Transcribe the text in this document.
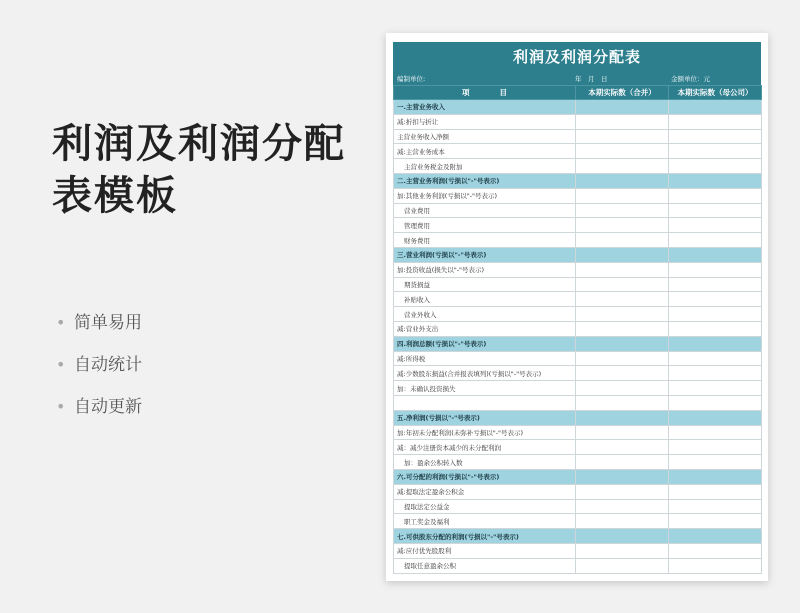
利润及利润分配表模板
• 简单易用
• 自动统计
• 自动更新
利润及利润分配表
编制单位:	年　月　日	金额单位：元
项　　　　目	本期实际数（合并）	本期实际数（母公司）
一.主营业务收入		
减:折扣与折让		
主营业务收入净额		
减:主营业务成本		
主营业务税金及附加		
二.主营业务利润(亏损以"-"号表示)		
加:其他业务利润(亏损以"-"号表示)		
营业费用		
管理费用		
财务费用		
三.营业利润(亏损以"-"号表示)		
加:投资收益(损失以"-"号表示)		
期货损益		
补贴收入		
营业外收入		
减:营业外支出		
四.利润总额(亏损以"-"号表示)		
减:所得税		
减:少数股东损益(合并报表填列)(亏损以"-"号表示)		
加：未确认投资损失		

五.净利润(亏损以"-"号表示)		
加:年初未分配利润(未弥补亏损以"-"号表示)		
减：减少注册资本减少的未分配利润		
加：盈余公积转入数		
六.可分配的利润(亏损以"-"号表示)		
减:提取法定盈余公积金		
提取法定公益金		
职工奖金及福利		
七.可供股东分配的利润(亏损以"-"号表示)		
减:应付优先股股利		
提取任意盈余公积		
